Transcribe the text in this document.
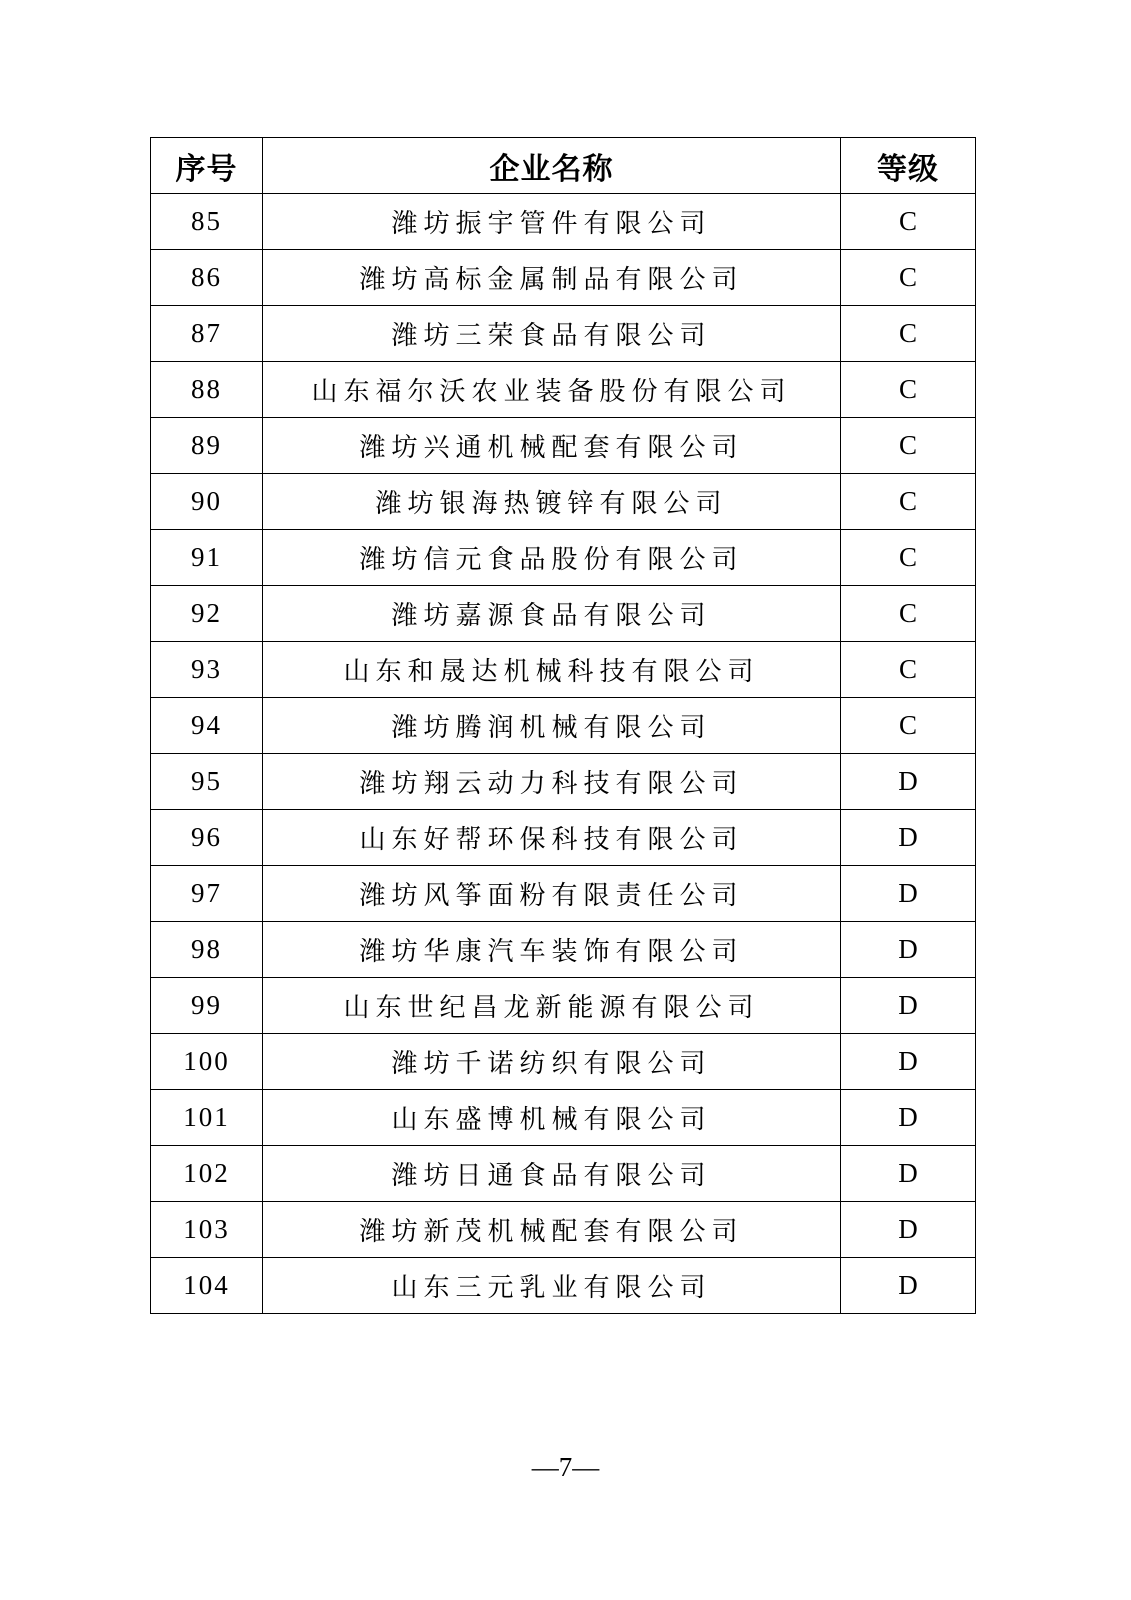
序号	企业名称	等级
85	潍坊振宇管件有限公司	C
86	潍坊高标金属制品有限公司	C
87	潍坊三荣食品有限公司	C
88	山东福尔沃农业装备股份有限公司	C
89	潍坊兴通机械配套有限公司	C
90	潍坊银海热镀锌有限公司	C
91	潍坊信元食品股份有限公司	C
92	潍坊嘉源食品有限公司	C
93	山东和晟达机械科技有限公司	C
94	潍坊腾润机械有限公司	C
95	潍坊翔云动力科技有限公司	D
96	山东好帮环保科技有限公司	D
97	潍坊风筝面粉有限责任公司	D
98	潍坊华康汽车装饰有限公司	D
99	山东世纪昌龙新能源有限公司	D
100	潍坊千诺纺织有限公司	D
101	山东盛博机械有限公司	D
102	潍坊日通食品有限公司	D
103	潍坊新茂机械配套有限公司	D
104	山东三元乳业有限公司	D
—7—
